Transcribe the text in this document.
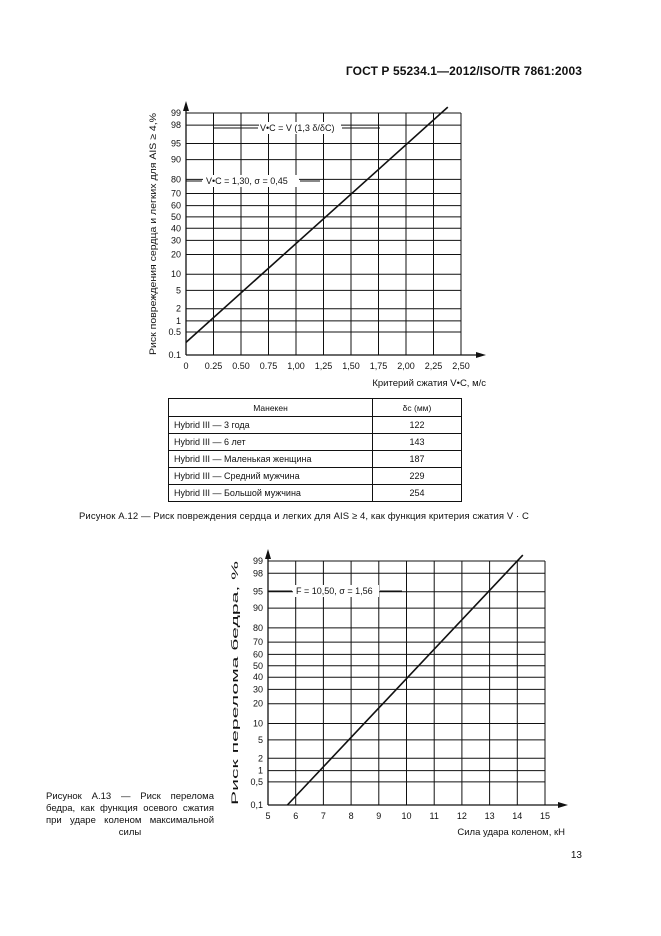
ГОСТ Р 55234.1—2012/ISO/TR 7861:2003
0.1
0.5
1
2
5
10
20
30
40
50
60
70
80
90
95
98
99
0 0.25 0.50 0.75 1,00 1,25 1,50 1,75 2,00 2,25 2,50
Риск повреждения сердца и легких для AIS ≥ 4,%
Критерий сжатия V•C, м/с
V•C = V (1,3 δ/δC)
V•C = 1,30, σ = 0,45
0,1
0,5
1
2
5
10
20
30
40
50
60
70
80
90
95
98
99
5	6	7	8	9 10 11 12 13 14 15
Риск перелома бедра, %
Сила удара коленом, кН
F = 10,50, σ = 1,56
Манекен	δc (мм)
Hybrid III — 3 года	122
Hybrid III — 6 лет	143
Hybrid III — Маленькая женщина	187
Hybrid III — Средний мужчина	229
Hybrid III — Большой мужчина	254
Рисунок А.12 — Риск повреждения сердца и легких для AIS ≥ 4, как функция критерия сжатия V · C
Рисунок А.13 — Риск перелома бедра, как функция осевого сжатия при ударе коленом максимальной силы
13
